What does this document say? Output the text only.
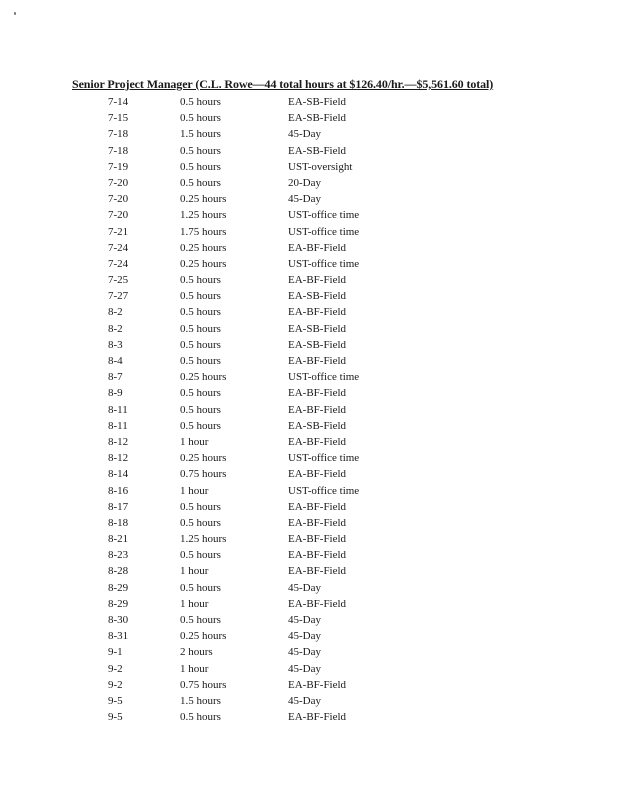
Senior Project Manager (C.L. Rowe—44 total hours at $126.40/hr.—$5,561.60 total)
7-14	0.5 hours	EA-SB-Field
7-15	0.5 hours	EA-SB-Field
7-18	1.5 hours	45-Day
7-18	0.5 hours	EA-SB-Field
7-19	0.5 hours	UST-oversight
7-20	0.5 hours	20-Day
7-20	0.25 hours	45-Day
7-20	1.25 hours	UST-office time
7-21	1.75 hours	UST-office time
7-24	0.25 hours	EA-BF-Field
7-24	0.25 hours	UST-office time
7-25	0.5 hours	EA-BF-Field
7-27	0.5 hours	EA-SB-Field
8-2	0.5 hours	EA-BF-Field
8-2	0.5 hours	EA-SB-Field
8-3	0.5 hours	EA-SB-Field
8-4	0.5 hours	EA-BF-Field
8-7	0.25 hours	UST-office time
8-9	0.5 hours	EA-BF-Field
8-11	0.5 hours	EA-BF-Field
8-11	0.5 hours	EA-SB-Field
8-12	1 hour	EA-BF-Field
8-12	0.25 hours	UST-office time
8-14	0.75 hours	EA-BF-Field
8-16	1 hour	UST-office time
8-17	0.5 hours	EA-BF-Field
8-18	0.5 hours	EA-BF-Field
8-21	1.25 hours	EA-BF-Field
8-23	0.5 hours	EA-BF-Field
8-28	1 hour	EA-BF-Field
8-29	0.5 hours	45-Day
8-29	1 hour	EA-BF-Field
8-30	0.5 hours	45-Day
8-31	0.25 hours	45-Day
9-1	2 hours	45-Day
9-2	1 hour	45-Day
9-2	0.75 hours	EA-BF-Field
9-5	1.5 hours	45-Day
9-5	0.5 hours	EA-BF-Field
